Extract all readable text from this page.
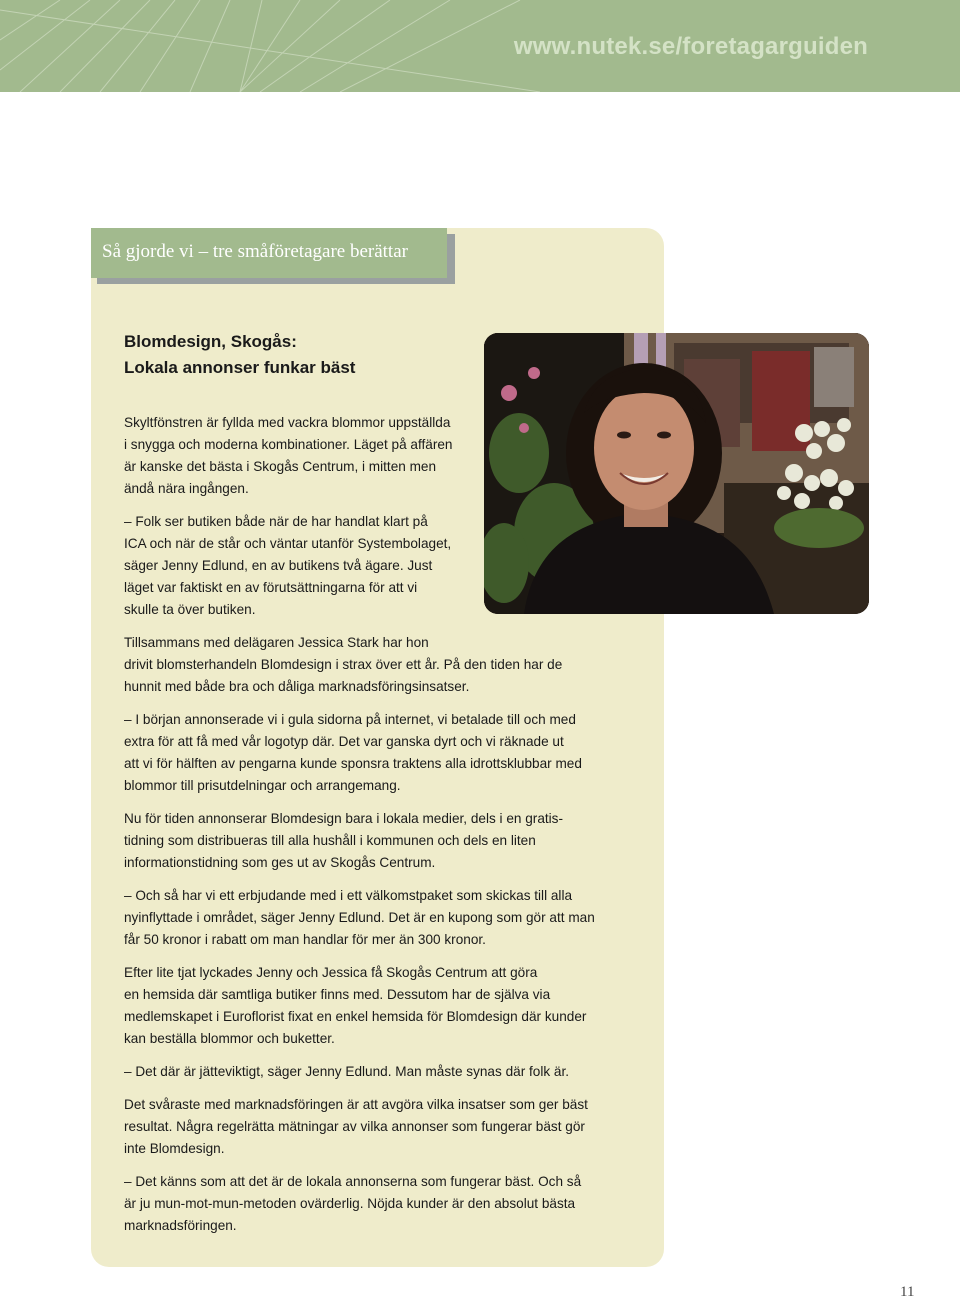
www.nutek.se/foretagarguiden
Så gjorde vi – tre småföretagare berättar
Blomdesign, Skogås:
Lokala annonser funkar bäst
Skyltfönstren är fyllda med vackra blommor uppställda
i snygga och moderna kombinationer. Läget på affären
är kanske det bästa i Skogås Centrum, i mitten men
ändå nära ingången.
– Folk ser butiken både när de har handlat klart på
ICA och när de står och väntar utanför Systembolaget,
säger Jenny Edlund, en av butikens två ägare. Just
läget var faktiskt en av förutsättningarna för att vi
skulle ta över butiken.
Tillsammans med delägaren Jessica Stark har hon
drivit blomsterhandeln Blomdesign i strax över ett år. På den tiden har de
hunnit med både bra och dåliga marknadsföringsinsatser.
– I början annonserade vi i gula sidorna på internet, vi betalade till och med
extra för att få med vår logotyp där. Det var ganska dyrt och vi räknade ut
att vi för hälften av pengarna kunde sponsra traktens alla idrottsklubbar med
blommor till prisutdelningar och arrangemang.
Nu för tiden annonserar Blomdesign bara i lokala medier, dels i en gratis-
tidning som distribueras till alla hushåll i kommunen och dels en liten
informationstidning som ges ut av Skogås Centrum.
– Och så har vi ett erbjudande med i ett välkomstpaket som skickas till alla
nyinflyttade i området, säger Jenny Edlund. Det är en kupong som gör att man
får 50 kronor i rabatt om man handlar för mer än 300 kronor.
Efter lite tjat lyckades Jenny och Jessica få Skogås Centrum att göra
en hemsida där samtliga butiker finns med. Dessutom har de själva via
medlemskapet i Euroflorist fixat en enkel hemsida för Blomdesign där kunder
kan beställa blommor och buketter.
– Det där är jätteviktigt, säger Jenny Edlund. Man måste synas där folk är.
Det svåraste med marknadsföringen är att avgöra vilka insatser som ger bäst
resultat. Några regelrätta mätningar av vilka annonser som fungerar bäst gör
inte Blomdesign.
– Det känns som att det är de lokala annonserna som fungerar bäst. Och så
är ju mun-mot-mun-metoden ovärderlig. Nöjda kunder är den absolut bästa
marknadsföringen.
11
